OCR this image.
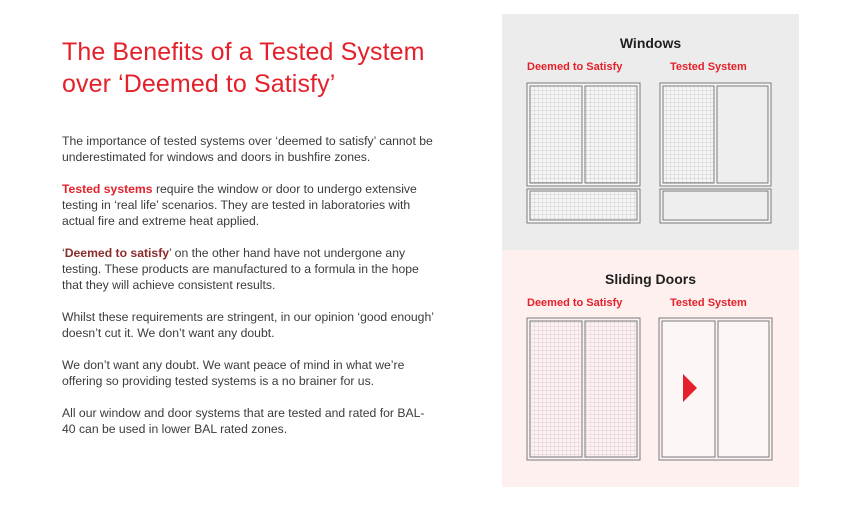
The Benefits of a Tested System
over ‘Deemed to Satisfy’

The importance of tested systems over ‘deemed to satisfy’ cannot be underestimated for windows and doors in bushfire zones.

Tested systems require the window or door to undergo extensive testing in ‘real life’ scenarios. They are tested in laboratories with actual fire and extreme heat applied.

‘Deemed to satisfy’ on the other hand have not undergone any testing. These products are manufactured to a formula in the hope that they will achieve consistent results.

Whilst these requirements are stringent, in our opinion ‘good enough’ doesn’t cut it. We don’t want any doubt.

We don’t want any doubt. We want peace of mind in what we’re offering so providing tested systems is a no brainer for us.

All our window and door systems that are tested and rated for BAL-40 can be used in lower BAL rated zones.

Windows
Deemed to Satisfy	Tested System
Sliding Doors
Deemed to Satisfy	Tested System
